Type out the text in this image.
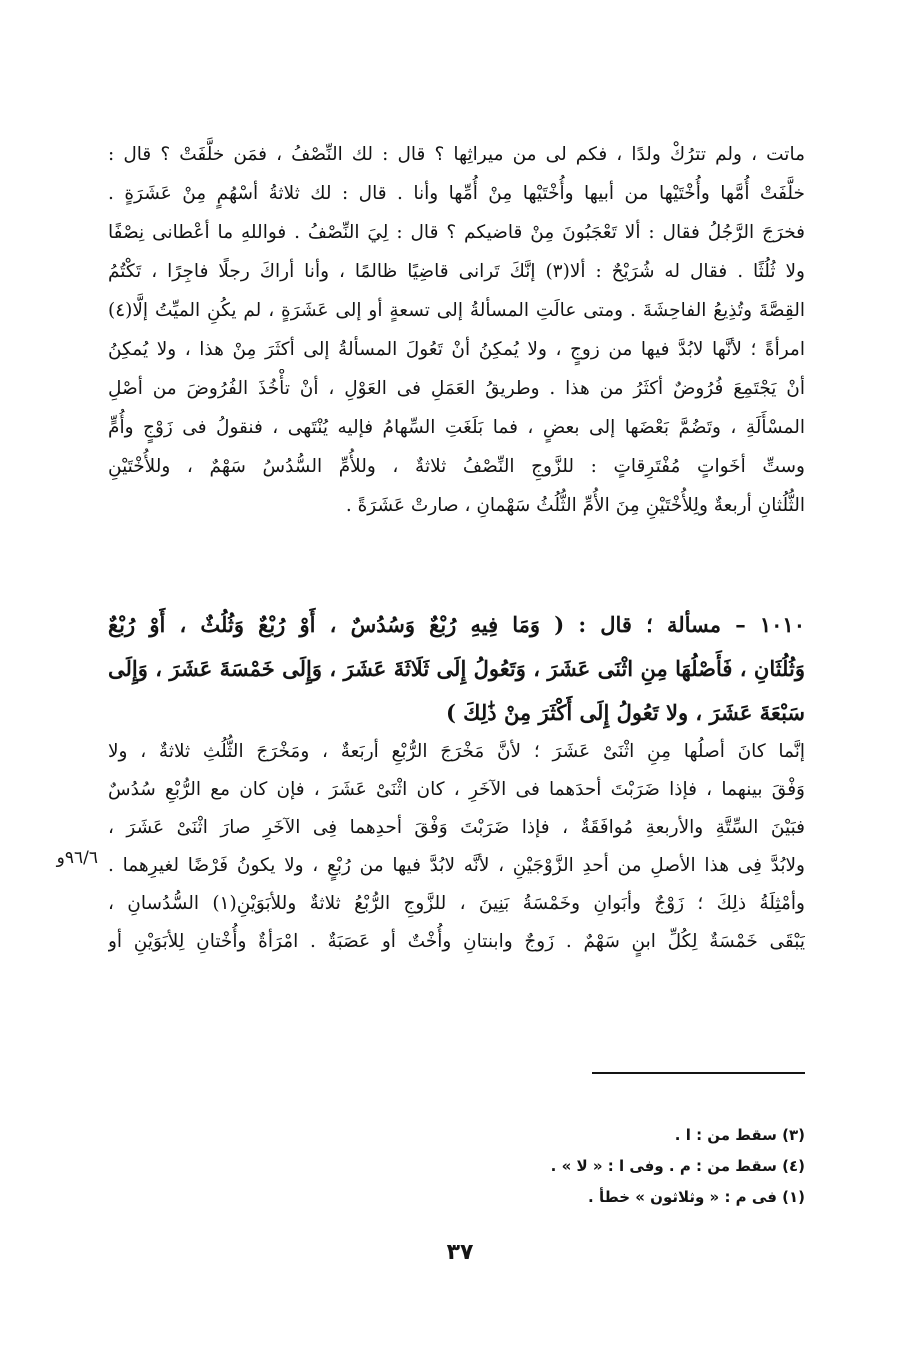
ماتت ، ولم تترُكْ ولدًا ، فكم لى من ميراثِها ؟ قال : لك النِّصْفُ ، فمَن خلَّفَتْ ؟ قال :
خلَّفَتْ أُمَّها وأُخْتَيْها من أبيها وأُخْتَيْها مِنْ أُمِّها وأنا . قال : لك ثلاثةُ أسْهُمٍ مِنْ عَشَرَةٍ .
فخرَجَ الرَّجُلُ فقال : ألا تَعْجَبُونَ مِنْ قاضيكم ؟ قال : لِيَ النِّصْفُ . فواللهِ ما أعْطانى نِصْفًا
ولا ثُلُثًا . فقال له شُرَيْحٌ : ألا(٣) إنَّكَ تَرانى قاضِيًا ظالمًا ، وأنا أراكَ رجلًا فاجِرًا ، تَكْتُمُ
القِصَّةَ وتُذِيعُ الفاحِشَةَ . ومتى عالَتِ المسألةُ إلى تسعةٍ أو إلى عَشَرَةٍ ، لم يكُنِ الميِّتُ إلَّا(٤)
امرأةً ؛ لأنَّها لابُدَّ فيها من زوجٍ ، ولا يُمكِنُ أنْ تَعُولَ المسألةُ إلى أكثَرَ مِنْ هذا ، ولا يُمكِنُ
أنْ يَجْتَمِعَ فُرُوضٌ أكثَرُ من هذا . وطريقُ العَمَلِ فى العَوْلِ ، أنْ تأْخُذَ الفُرُوضَ من أصْلِ
المسْأَلَةِ ، وتَضُمَّ بَعْضَها إلى بعضٍ ، فما بَلَغَتِ السِّهامُ فإليه يُنْتَهى ، فنقولُ فى زَوْجٍ وأُمٍّ
وستِّ أخَواتٍ مُفْتَرِقاتٍ : للزَّوجِ النِّصْفُ ثلاثةٌ ، وللأُمِّ السُّدُسُ سَهْمٌ ، وللأُخْتَيْنِ
الثُّلُثانِ أربعةٌ ولِلأُخْتَيْنِ مِنَ الأُمِّ الثُّلُثُ سَهْمانِ ، صارتْ عَشَرَةً .
١٠١٠ – مسألة ؛ قال : ( وَمَا فِيهِ رُبْعٌ وَسُدُسٌ ، أَوْ رُبْعٌ وَثُلُثٌ ، أَوْ رُبْعٌ
وَثُلُثَانِ ، فَأَصْلُهَا مِنِ اثْنَى عَشَرَ ، وَتَعُولُ إِلَى ثَلَاثَةَ عَشَرَ ، وَإِلَى خَمْسَةَ عَشَرَ ، وَإِلَى
سَبْعَةَ عَشَرَ ، ولا تَعُولُ إِلَى أَكْثَرَ مِنْ ذَٰلِكَ )
إنَّما كانَ أصلُها مِنِ اثْنَىْ عَشَرَ ؛ لأنَّ مَخْرَجَ الرُّبْعِ أربَعةٌ ، ومَخْرَجَ الثُّلُثِ ثلاثةٌ ، ولا
وَفْقَ بينهما ، فإذا ضَرَبْتَ أحدَهما فى الآخَرِ ، كان اثْنَىْ عَشَرَ ، فإن كان مع الرُّبْعِ سُدُسٌ
فبَيْنَ السِّتَّةِ والأربعةِ مُوافَقَةٌ ، فإذا ضَرَبْتَ وَفْقَ أحدِهما فِى الآخَرِ صارَ اثْنَىْ عَشَرَ ،
ولابُدَّ فِى هذا الأصلِ من أحدِ الزَّوْجَيْنِ ، لأنَّه لابُدَّ فيها من رُبْعٍ ، ولا يكونُ فَرْضًا لغيرِهما .
وأمْثِلَةُ ذلِكَ ؛ زَوْجٌ وأبَوانِ وخَمْسَةُ بَنِينَ ، للزَّوجِ الرُّبْعُ ثلاثةٌ وللأبَوَيْنِ(١) السُّدُسانِ ،
يَبْقَى خَمْسَةٌ لِكُلِّ ابنٍ سَهْمٌ . زَوجٌ وابنتانِ وأُخْتٌ أو عَصَبَةٌ . امْرَأةٌ وأُخْتانِ لِلأبَوَيْنِ أو
٩٦/٦و
(٣) سقط من : ا .
(٤) سقط من : م . وفى ا : « لا » .
(١) فى م : « وثلاثون » خطأ .
٣٧
